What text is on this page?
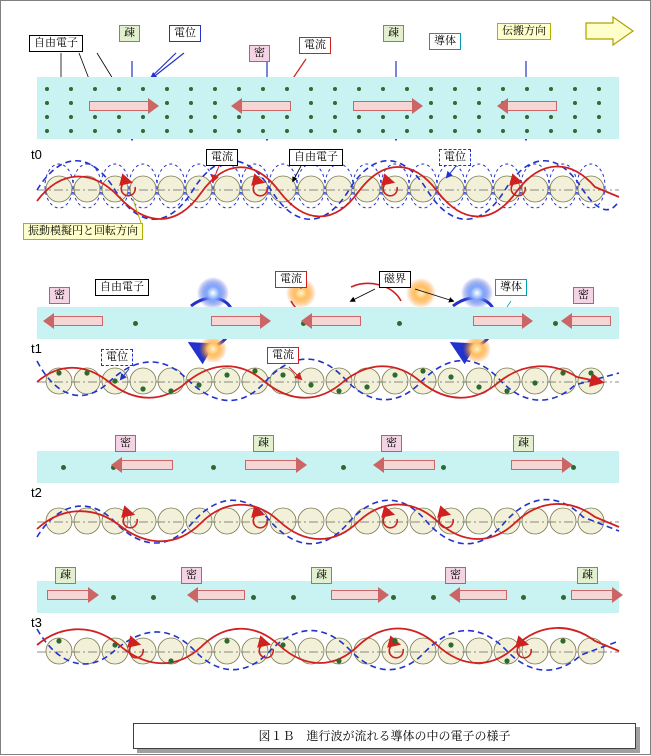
自由電子
疎	電位
密
電流
疎
導体
伝搬方向
t0	電流	自由電子	電位
振動模擬円と回転方向
密
自由電子
電流	磁界
導体
密
t1
電位	電流
密	疎	密	疎
t2
疎	密	疎	密	疎
t3
図１Ｂ　進行波が流れる導体の中の電子の様子
